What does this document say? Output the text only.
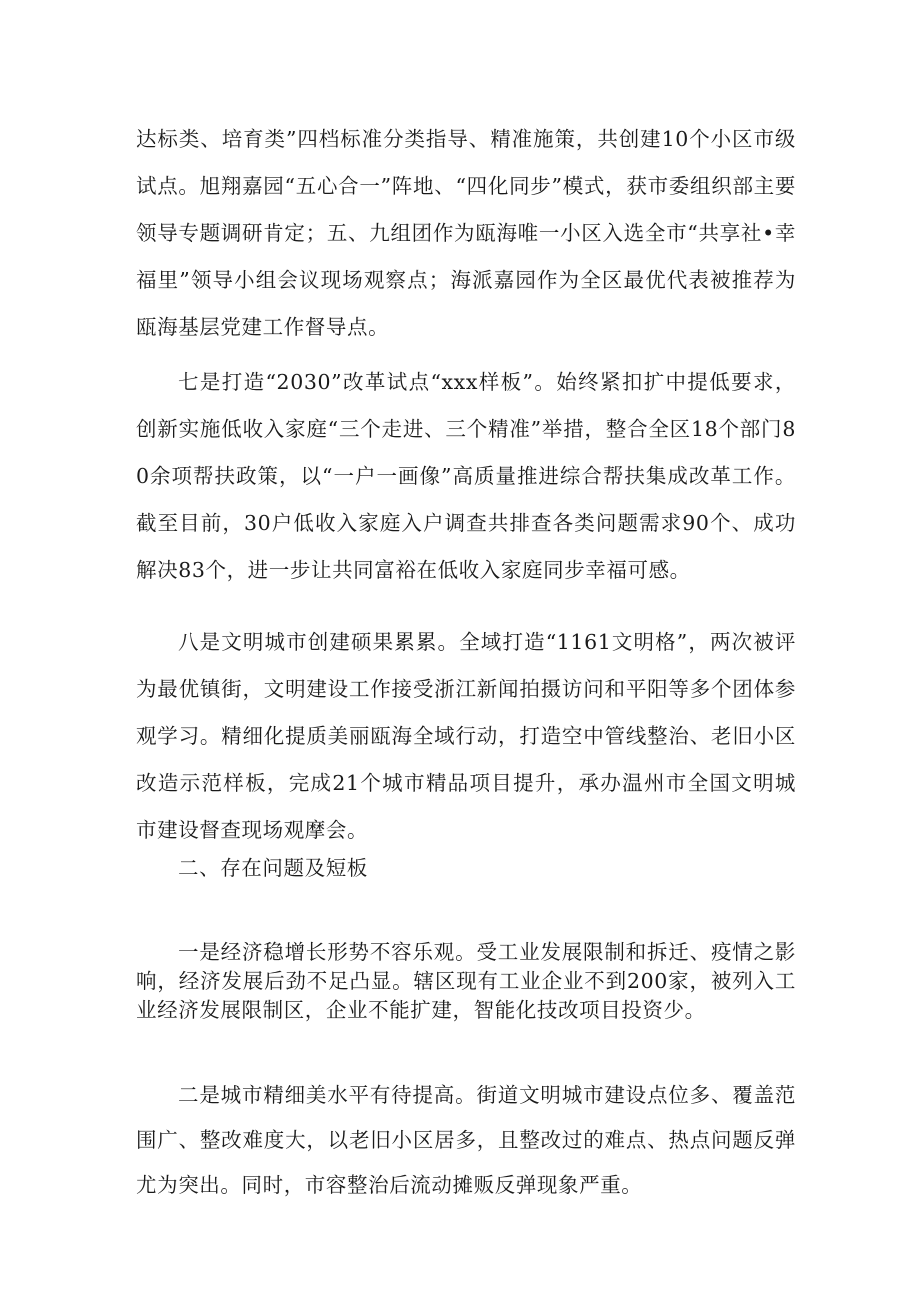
达标类、培育类”四档标准分类指导、精准施策，共创建10个小区市级试点。旭翔嘉园“五心合一”阵地、“四化同步”模式，获市委组织部主要领导专题调研肯定；五、九组团作为瓯海唯一小区入选全市“共享社•幸福里”领导小组会议现场观察点；海派嘉园作为全区最优代表被推荐为瓯海基层党建工作督导点。

七是打造“2030”改革试点“xxx样板”。始终紧扣扩中提低要求，创新实施低收入家庭“三个走进、三个精准”举措，整合全区18个部门80余项帮扶政策，以“一户一画像”高质量推进综合帮扶集成改革工作。截至目前，30户低收入家庭入户调查共排查各类问题需求90个、成功解决83个，进一步让共同富裕在低收入家庭同步幸福可感。

八是文明城市创建硕果累累。全域打造“1161文明格”，两次被评为最优镇街，文明建设工作接受浙江新闻拍摄访问和平阳等多个团体参观学习。精细化提质美丽瓯海全域行动，打造空中管线整治、老旧小区改造示范样板，完成21个城市精品项目提升，承办温州市全国文明城市建设督查现场观摩会。

二、存在问题及短板

一是经济稳增长形势不容乐观。受工业发展限制和拆迁、疫情之影响，经济发展后劲不足凸显。辖区现有工业企业不到200家，被列入工业经济发展限制区，企业不能扩建，智能化技改项目投资少。

二是城市精细美水平有待提高。街道文明城市建设点位多、覆盖范围广、整改难度大，以老旧小区居多，且整改过的难点、热点问题反弹尤为突出。同时，市容整治后流动摊贩反弹现象严重。
